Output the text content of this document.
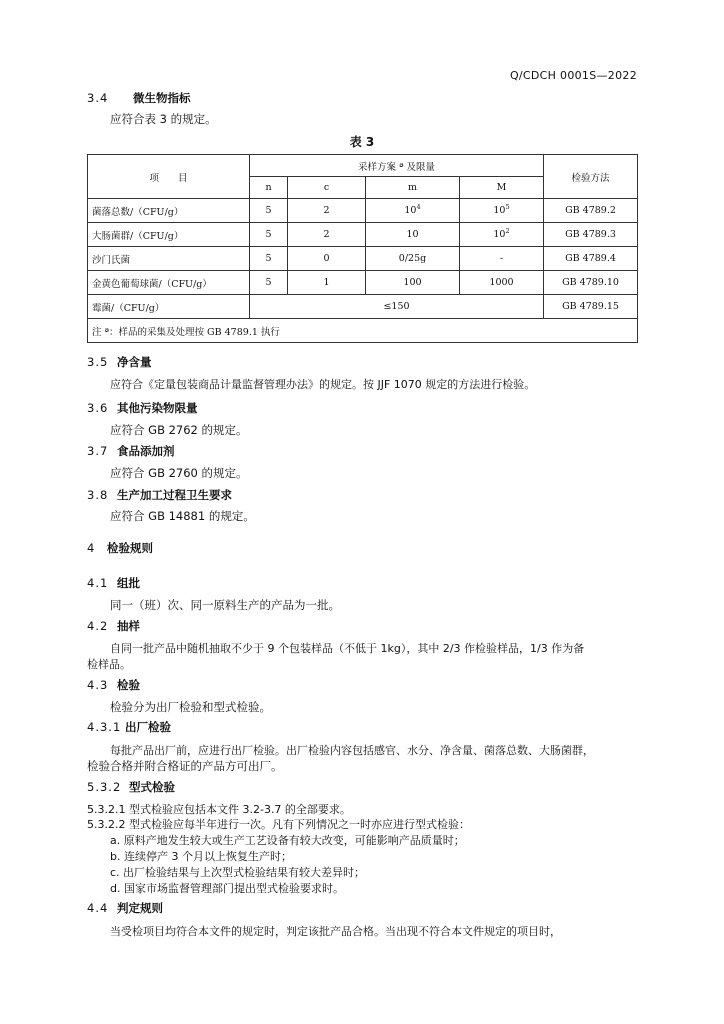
Q/CDCH 0001S—2022
3.4 微生物指标
应符合表 3 的规定。
表 3
项　　目	采样方案 ª 及限量				检验方法
	n	c	m	M	
菌落总数/（CFU/g）	5	2	$10^4$	$10^5$	GB 4789.2
大肠菌群/（CFU/g）	5	2	10	$10^2$	GB 4789.3
沙门氏菌	5	0	0/25g	-	GB 4789.4
金黄色葡萄球菌/（CFU/g）	5	1	100	1000	GB 4789.10
霉菌/（CFU/g）	≤150				GB 4789.15
注 ª：样品的采集及处理按 GB 4789.1 执行					
3.5 净含量
应符合《定量包装商品计量监督管理办法》的规定。按 JJF 1070 规定的方法进行检验。
3.6 其他污染物限量
应符合 GB 2762 的规定。
3.7 食品添加剂
应符合 GB 2760 的规定。
3.8 生产加工过程卫生要求
应符合 GB 14881 的规定。
4 检验规则
4.1 组批
同一（班）次、同一原料生产的产品为一批。
4.2 抽样
自同一批产品中随机抽取不少于 9 个包装样品（不低于 1kg），其中 2/3 作检验样品，1/3 作为备
检样品。
4.3 检验
检验分为出厂检验和型式检验。
4.3.1 出厂检验
每批产品出厂前，应进行出厂检验。出厂检验内容包括感官、水分、净含量、菌落总数、大肠菌群，
检验合格并附合格证的产品方可出厂。
5.3.2 型式检验
5.3.2.1 型式检验应包括本文件 3.2-3.7 的全部要求。
5.3.2.2 型式检验应每半年进行一次。凡有下列情况之一时亦应进行型式检验：
a. 原料产地发生较大或生产工艺设备有较大改变，可能影响产品质量时；
b. 连续停产 3 个月以上恢复生产时；
c. 出厂检验结果与上次型式检验结果有较大差异时；
d. 国家市场监督管理部门提出型式检验要求时。
4.4 判定规则
当受检项目均符合本文件的规定时，判定该批产品合格。当出现不符合本文件规定的项目时，
